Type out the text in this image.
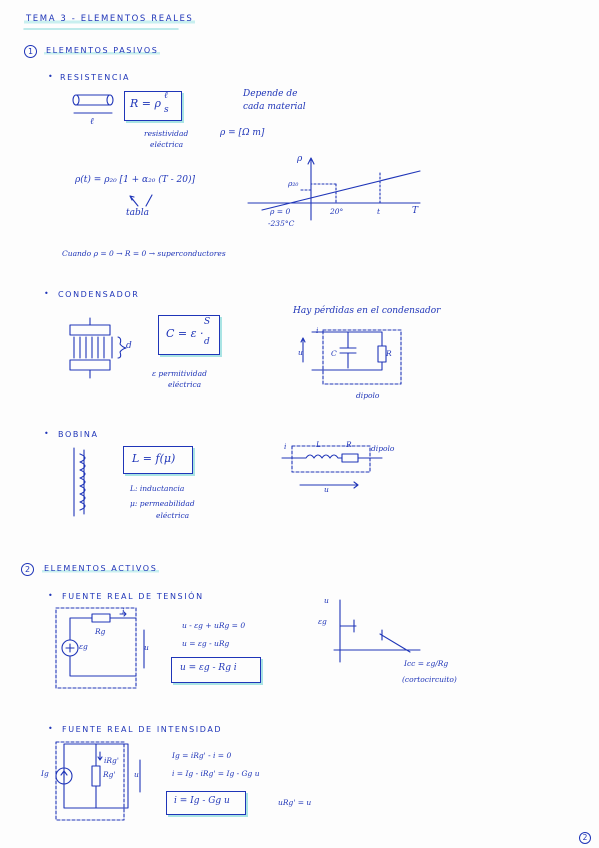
TEMA 3 - ELEMENTOS REALES
1	ELEMENTOS PASIVOS
• RESISTENCIA
ℓ
R = ρ
ℓ
s
Depende de
cada material
resistividad
eléctrica
ρ = [Ω m]
ρ(t) = ρ₂₀ [1 + α₂₀ (T - 20)]
tabla
ρ
ρ₂₀
20°	t	T
ρ = 0
-235°C
Cuando ρ = 0 → R = 0 → superconductores
• CONDENSADOR
d
C = ε ·
S
d
ε permitividad
eléctrica
Hay pérdidas en el condensador
i
u	C	R
dipolo
• BOBINA
L = f(μ)
L: inductancia
μ: permeabilidad
eléctrica
i	L	R	dipolo
u
2	ELEMENTOS ACTIVOS
• FUENTE REAL DE TENSIÓN
i
Rg
εg	u
u - εg + uRg = 0
u = εg - uRg
u = εg - Rg i
u
εg
Icc = εg/Rg
(cortocircuito)
• FUENTE REAL DE INTENSIDAD
Ig
iRg'
Rg' u
Ig = iRg' - i = 0
i = Ig - iRg' = Ig - Gg u
i = Ig - Gg u	uRg' = u
2
